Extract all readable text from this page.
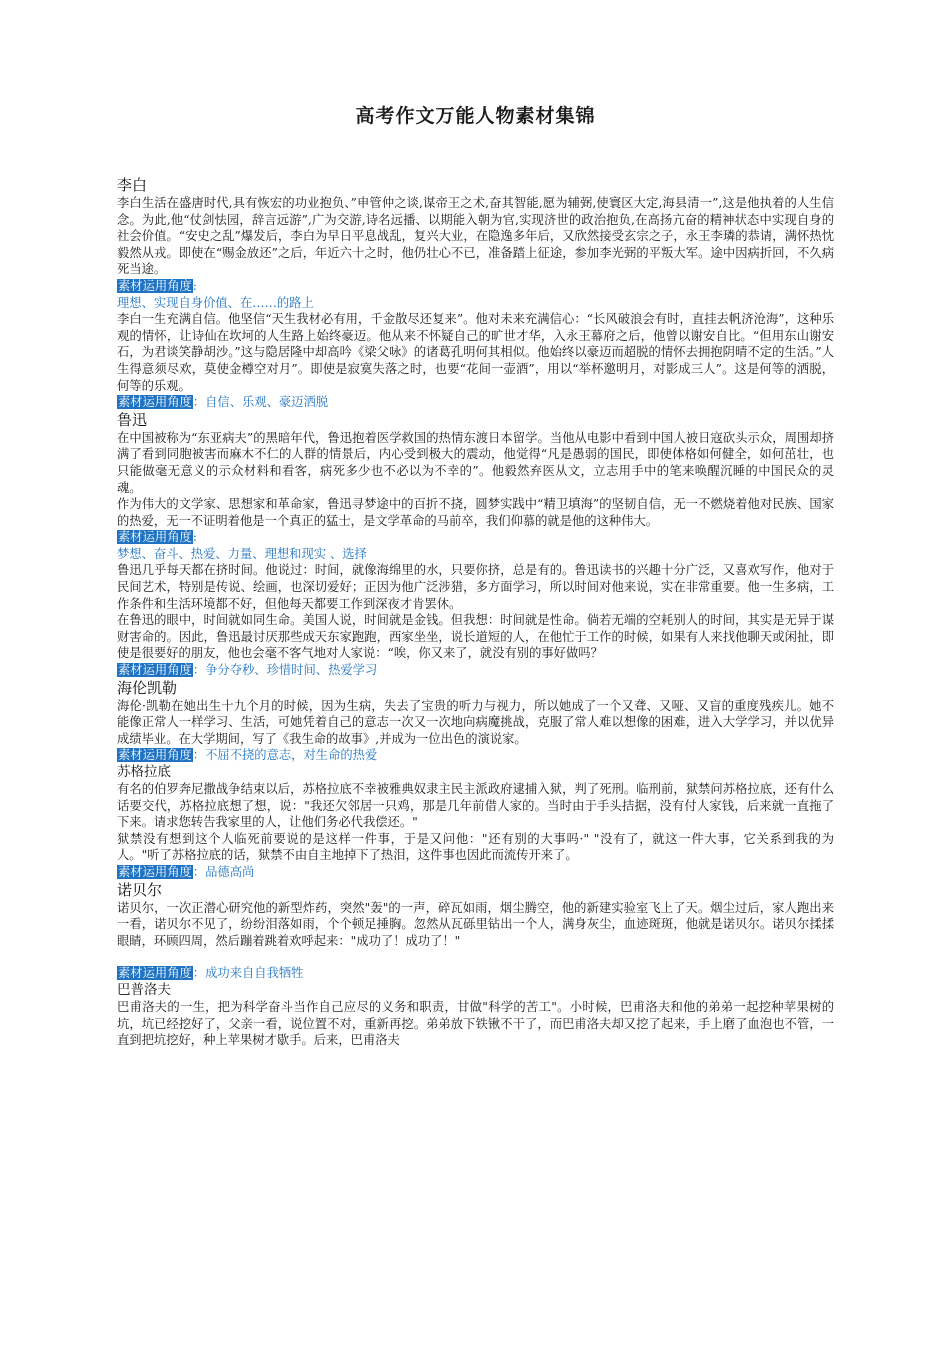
高考作文万能人物素材集锦
李白
李白生活在盛唐时代,具有恢宏的功业抱负、”申管仲之谈,谋帝王之术,奋其智能,愿为辅弼,使寰区大定,海县清一”,这是他执着的人生信念。为此,他“仗剑怯园，辞言远游”,广为交游,诗名远播、以期能入朝为官,实现济世的政治抱负,在高扬亢奋的精神状态中实现自身的社会价值。“安史之乱”爆发后，李白为早日平息战乱，复兴大业，在隐逸多年后，又欣然接受玄宗之子，永王李璘的恭请，满怀热忱毅然从戎。即使在“赐金放还”之后，年近六十之时，他仍壮心不已，准备踏上征途，参加李光弼的平叛大军。途中因病折回，不久病死当途。
素材运用角度:
理想、实现自身价值、在……的路上
李白一生充满自信。他坚信“天生我材必有用，千金散尽还复来”。他对未来充满信心：“长风破浪会有时，直挂去帆济沧海”，这种乐观的情怀，让诗仙在坎坷的人生路上始终豪迈。他从来不怀疑自己的旷世才华，入永王幕府之后，他曾以谢安自比。“但用东山谢安石，为君谈笑静胡沙。”这与隐居隆中却高吟《梁父咏》的诸葛孔明何其相似。他始终以豪迈而超脱的情怀去拥抱阴晴不定的生活。”人生得意须尽欢，莫使金樽空对月”。即使是寂寞失落之时，也要“花间一壶酒”，用以“举杯邀明月，对影成三人”。这是何等的洒脱，何等的乐观。
素材运用角度：自信、乐观、豪迈洒脱
鲁迅
在中国被称为“东亚病夫”的黑暗年代，鲁迅抱着医学救国的热情东渡日本留学。当他从电影中看到中国人被日寇砍头示众，周围却挤满了看到同胞被害而麻木不仁的人群的情景后，内心受到极大的震动，他觉得“凡是愚弱的国民，即使体格如何健全，如何茁壮，也只能做毫无意义的示众材料和看客，病死多少也不必以为不幸的”。他毅然弃医从文，立志用手中的笔来唤醒沉睡的中国民众的灵魂。
作为伟大的文学家、思想家和革命家，鲁迅寻梦途中的百折不挠，圆梦实践中“精卫填海”的坚韧自信，无一不燃烧着他对民族、国家的热爱，无一不证明着他是一个真正的猛士，是文学革命的马前卒，我们仰慕的就是他的这种伟大。
素材运用角度:
梦想、奋斗、热爱、力量、理想和现实 、选择
鲁迅几乎每天都在挤时间。他说过：时间，就像海绵里的水，只要你挤，总是有的。鲁迅读书的兴趣十分广泛，又喜欢写作，他对于民间艺术，特别是传说、绘画，也深切爱好；正因为他广泛涉猎，多方面学习，所以时间对他来说，实在非常重要。他一生多病，工作条件和生活环境都不好，但他每天都要工作到深夜才肯罢休。
在鲁迅的眼中，时间就如同生命。美国人说，时间就是金钱。但我想：时间就是性命。倘若无端的空耗别人的时间，其实是无异于谋财害命的。因此，鲁迅最讨厌那些成天东家跑跑，西家坐坐，说长道短的人，在他忙于工作的时候，如果有人来找他聊天或闲扯，即使是很要好的朋友，他也会毫不客气地对人家说：“唉，你又来了，就没有别的事好做吗？
素材运用角度：争分夺秒、珍惜时间、热爱学习
海伦凯勒
海伦·凯勒在她出生十九个月的时候，因为生病，失去了宝贵的听力与视力，所以她成了一个又聋、又哑、又盲的重度残疾儿。她不能像正常人一样学习、生活，可她凭着自己的意志一次又一次地向病魔挑战，克服了常人难以想像的困难，进入大学学习，并以优异成绩毕业。在大学期间，写了《我生命的故事》,并成为一位出色的演说家。
素材运用角度：不屈不挠的意志，对生命的热爱
苏格拉底
有名的伯罗奔尼撒战争结束以后，苏格拉底不幸被雅典奴隶主民主派政府逮捕入狱，判了死刑。临刑前，狱禁问苏格拉底，还有什么话要交代，苏格拉底想了想，说："我还欠邻居一只鸡，那是几年前借人家的。当时由于手头拮据，没有付人家钱，后来就一直拖了下来。请求您转告我家里的人，让他们务必代我偿还。"
狱禁没有想到这个人临死前要说的是这样一件事，于是又问他："还有别的大事吗·" "没有了，就这一件大事，它关系到我的为人。"听了苏格拉底的话，狱禁不由自主地掉下了热泪，这件事也因此而流传开来了。
素材运用角度：品德高尚
诺贝尔
诺贝尔，一次正潜心研究他的新型炸药，突然"轰"的一声，碎瓦如雨，烟尘腾空，他的新建实验室飞上了天。烟尘过后，家人跑出来一看，诺贝尔不见了，纷纷泪落如雨，个个顿足捶胸。忽然从瓦砾里钻出一个人，满身灰尘，血迹斑斑，他就是诺贝尔。诺贝尔揉揉眼睛，环顾四周，然后蹦着跳着欢呼起来："成功了！成功了！"
素材运用角度：成功来自自我牺牲
巴普洛夫
巴甫洛夫的一生，把为科学奋斗当作自己应尽的义务和职责，甘做"科学的苦工"。小时候，巴甫洛夫和他的弟弟一起挖种苹果树的坑，坑已经挖好了，父亲一看，说位置不对，重新再挖。弟弟放下铁锹不干了，而巴甫洛夫却又挖了起来，手上磨了血泡也不管，一直到把坑挖好，种上苹果树才歇手。后来，巴甫洛夫
